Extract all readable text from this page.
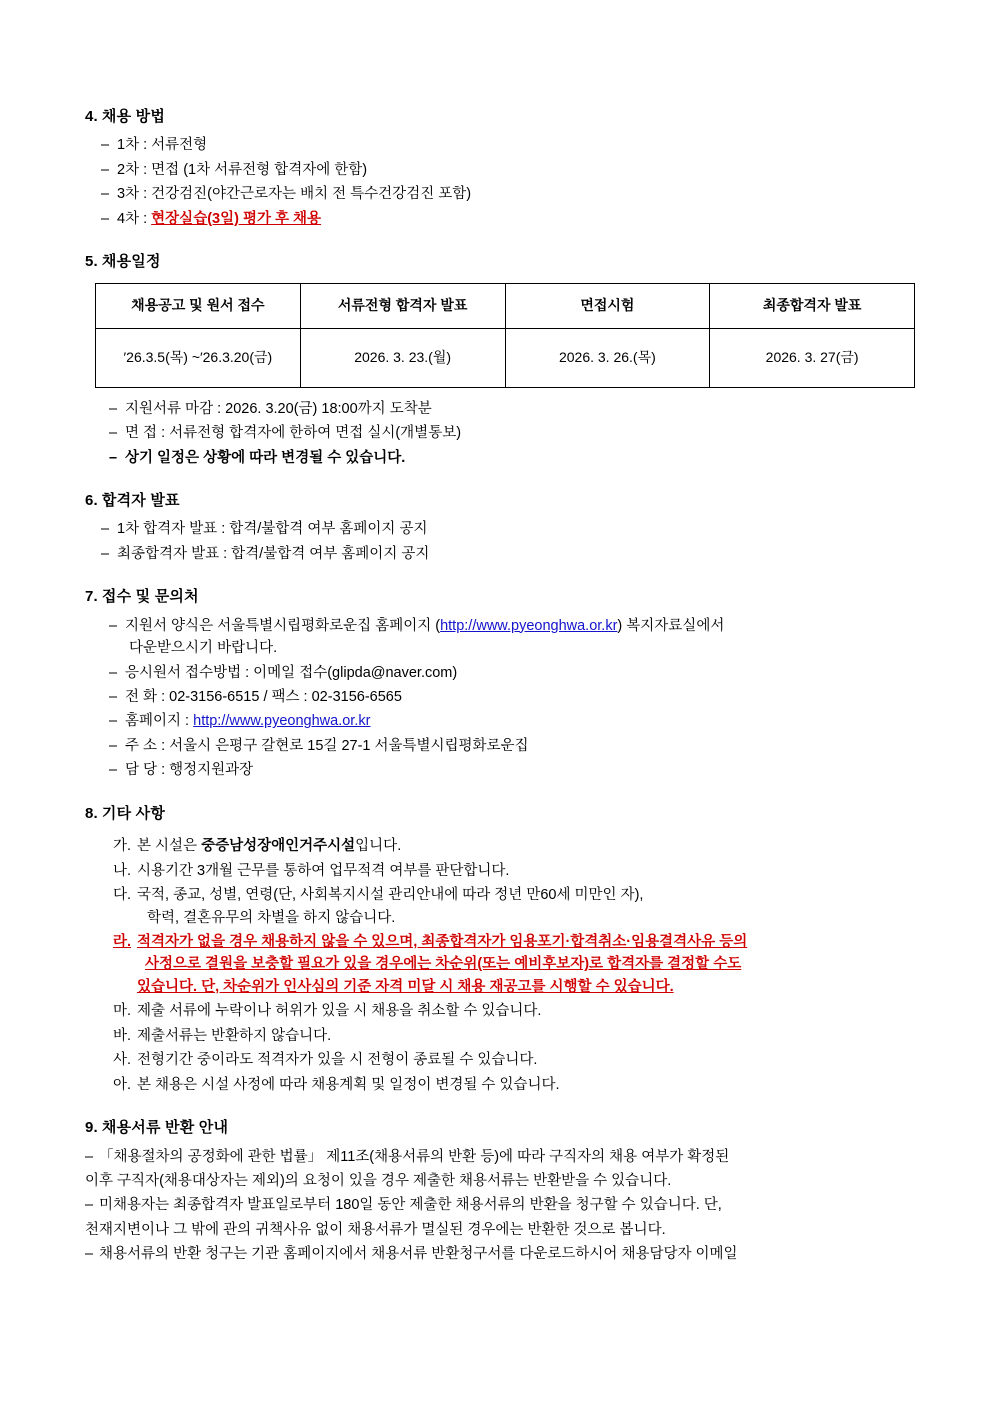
4. 채용 방법
– 1차 : 서류전형
– 2차 : 면접 (1차 서류전형 합격자에 한함)
– 3차 : 건강검진(야간근로자는 배치 전 특수건강검진 포함)
– 4차 : 현장실습(3일) 평가 후 채용
5. 채용일정
채용공고 및 원서 접수	서류전형 합격자 발표	면접시험	최종합격자 발표
′26.3.5(목) ~′26.3.20(금)	2026. 3. 23.(월)	2026. 3. 26.(목)	2026. 3. 27(금)
– 지원서류 마감 : 2026. 3.20(금) 18:00까지 도착분
– 면 접 : 서류전형 합격자에 한하여 면접 실시(개별통보)
– 상기 일정은 상황에 따라 변경될 수 있습니다.
6. 합격자 발표
– 1차 합격자 발표 : 합격/불합격 여부 홈페이지 공지
– 최종합격자 발표 : 합격/불합격 여부 홈페이지 공지
7. 접수 및 문의처
– 지원서 양식은 서울특별시립평화로운집 홈페이지 (http://www.pyeonghwa.or.kr) 복지자료실에서
다운받으시기 바랍니다.
– 응시원서 접수방법 : 이메일 접수(glipda@naver.com)
– 전 화 : 02-3156-6515 / 팩스 : 02-3156-6565
– 홈페이지 : http://www.pyeonghwa.or.kr
– 주 소 : 서울시 은평구 갈현로 15길 27-1 서울특별시립평화로운집
– 담 당 : 행정지원과장
8. 기타 사항
가. 본 시설은 중증남성장애인거주시설입니다.
나. 시용기간 3개월 근무를 통하여 업무적격 여부를 판단합니다.
다. 국적, 종교, 성별, 연령(단, 사회복지시설 관리안내에 따라 정년 만60세 미만인 자),
학력, 결혼유무의 차별을 하지 않습니다.
라. 적격자가 없을 경우 채용하지 않을 수 있으며, 최종합격자가 임용포기·합격취소·임용결격사유 등의
사정으로 결원을 보충할 필요가 있을 경우에는 차순위(또는 예비후보자)로 합격자를 결정할 수도
있습니다. 단, 차순위가 인사심의 기준 자격 미달 시 채용 재공고를 시행할 수 있습니다.
마. 제출 서류에 누락이나 허위가 있을 시 채용을 취소할 수 있습니다.
바. 제출서류는 반환하지 않습니다.
사. 전형기간 중이라도 적격자가 있을 시 전형이 종료될 수 있습니다.
아. 본 채용은 시설 사정에 따라 채용계획 및 일정이 변경될 수 있습니다.
9. 채용서류 반환 안내

– 「채용절차의 공정화에 관한 법률」 제11조(채용서류의 반환 등)에 따라 구직자의 채용 여부가 확정된

이후 구직자(채용대상자는 제외)의 요청이 있을 경우 제출한 채용서류는 반환받을 수 있습니다.

– 미채용자는 최종합격자 발표일로부터 180일 동안 제출한 채용서류의 반환을 청구할 수 있습니다. 단,

천재지변이나 그 밖에 관의 귀책사유 없이 채용서류가 멸실된 경우에는 반환한 것으로 봅니다.

– 채용서류의 반환 청구는 기관 홈페이지에서 채용서류 반환청구서를 다운로드하시어 채용담당자 이메일
